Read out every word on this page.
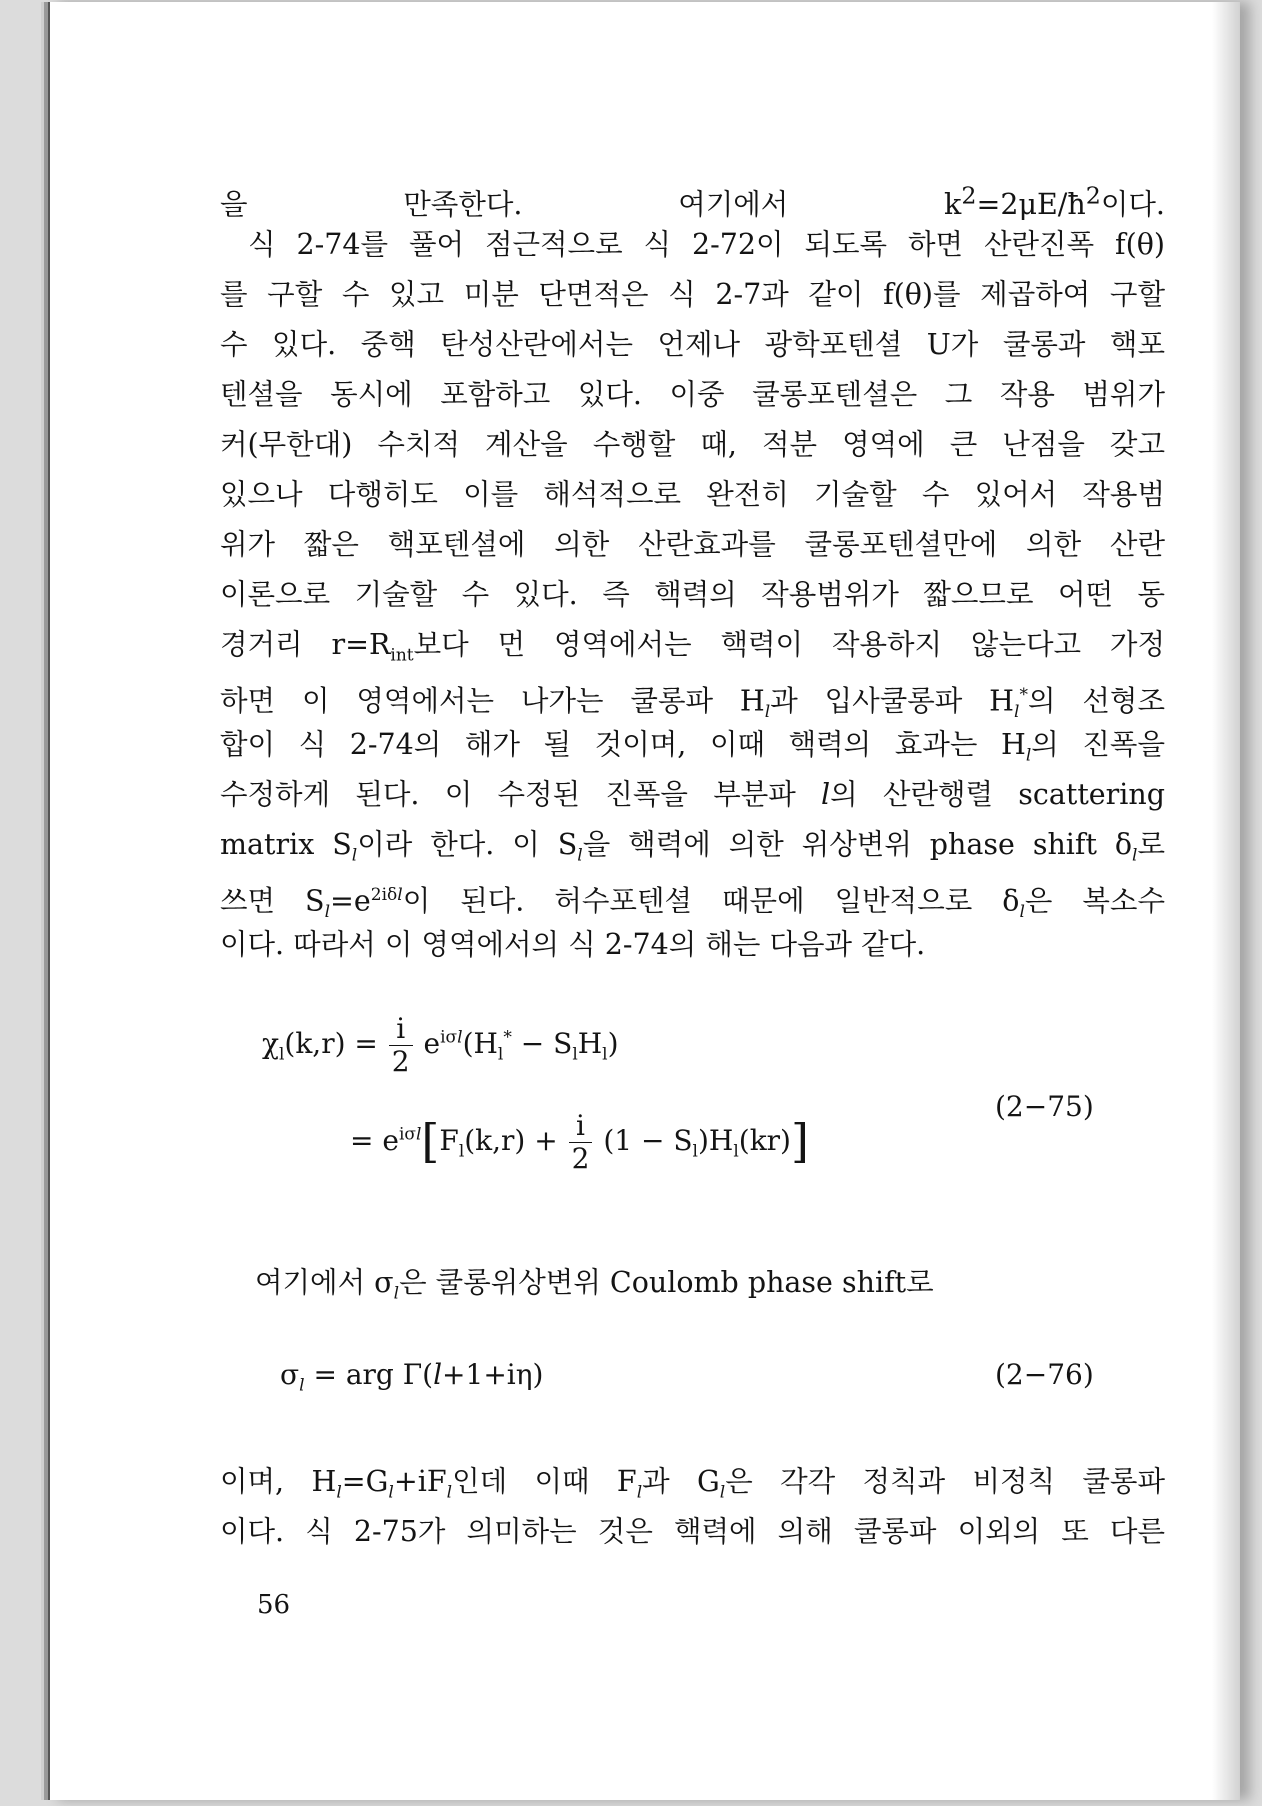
을 만족한다. 여기에서 $k^2=2\mu E/ħ^2$이다.
식 2-74를 풀어 점근적으로 식 2-72이 되도록 하면 산란진폭 f(θ)
를 구할 수 있고 미분 단면적은 식 2-7과 같이 f(θ)를 제곱하여 구할
수 있다. 중핵 탄성산란에서는 언제나 광학포텐셜 U가 쿨롱과 핵포
텐셜을 동시에 포함하고 있다. 이중 쿨롱포텐셜은 그 작용 범위가
커(무한대) 수치적 계산을 수행할 때, 적분 영역에 큰 난점을 갖고
있으나 다행히도 이를 해석적으로 완전히 기술할 수 있어서 작용범
위가 짧은 핵포텐셜에 의한 산란효과를 쿨롱포텐셜만에 의한 산란
이론으로 기술할 수 있다. 즉 핵력의 작용범위가 짧으므로 어떤 동
경거리 $r=R_{int}$보다 먼 영역에서는 핵력이 작용하지 않는다고 가정
하면 이 영역에서는 나가는 쿨롱파 $H_l$과 입사쿨롱파 $H_l^*$의 선형조
합이 식 2-74의 해가 될 것이며, 이때 핵력의 효과는 $H_l$의 진폭을
수정하게 된다. 이 수정된 진폭을 부분파 l의 산란행렬 scattering
matrix $S_l$이라 한다. 이 $S_l$을 핵력에 의한 위상변위 phase shift $\delta_l$로
쓰면 $S_l=e^{2i\delta l}$이 된다. 허수포텐셜 때문에 일반적으로 $\delta_l$은 복소수
이다. 따라서 이 영역에서의 식 2-74의 해는 다음과 같다.
$\chi_l(k,r) = \frac{i}{2} e^{i\sigma l}(H_l^* - S_lH_l)$
= $e^{i\sigma l}[F_l(k,r) + \frac{i}{2} (1 - S_l)H_l(kr)]$
(2−75)
여기에서 $\sigma_l$은 쿨롱위상변위 Coulomb phase shift로
$\sigma_l$ = arg Γ(l+1+iη)	(2−76)
이며, $H_l=G_l+iF_l$인데 이때 $F_l$과 $G_l$은 각각 정칙과 비정칙 쿨롱파
이다. 식 2-75가 의미하는 것은 핵력에 의해 쿨롱파 이외의 또 다른
56
